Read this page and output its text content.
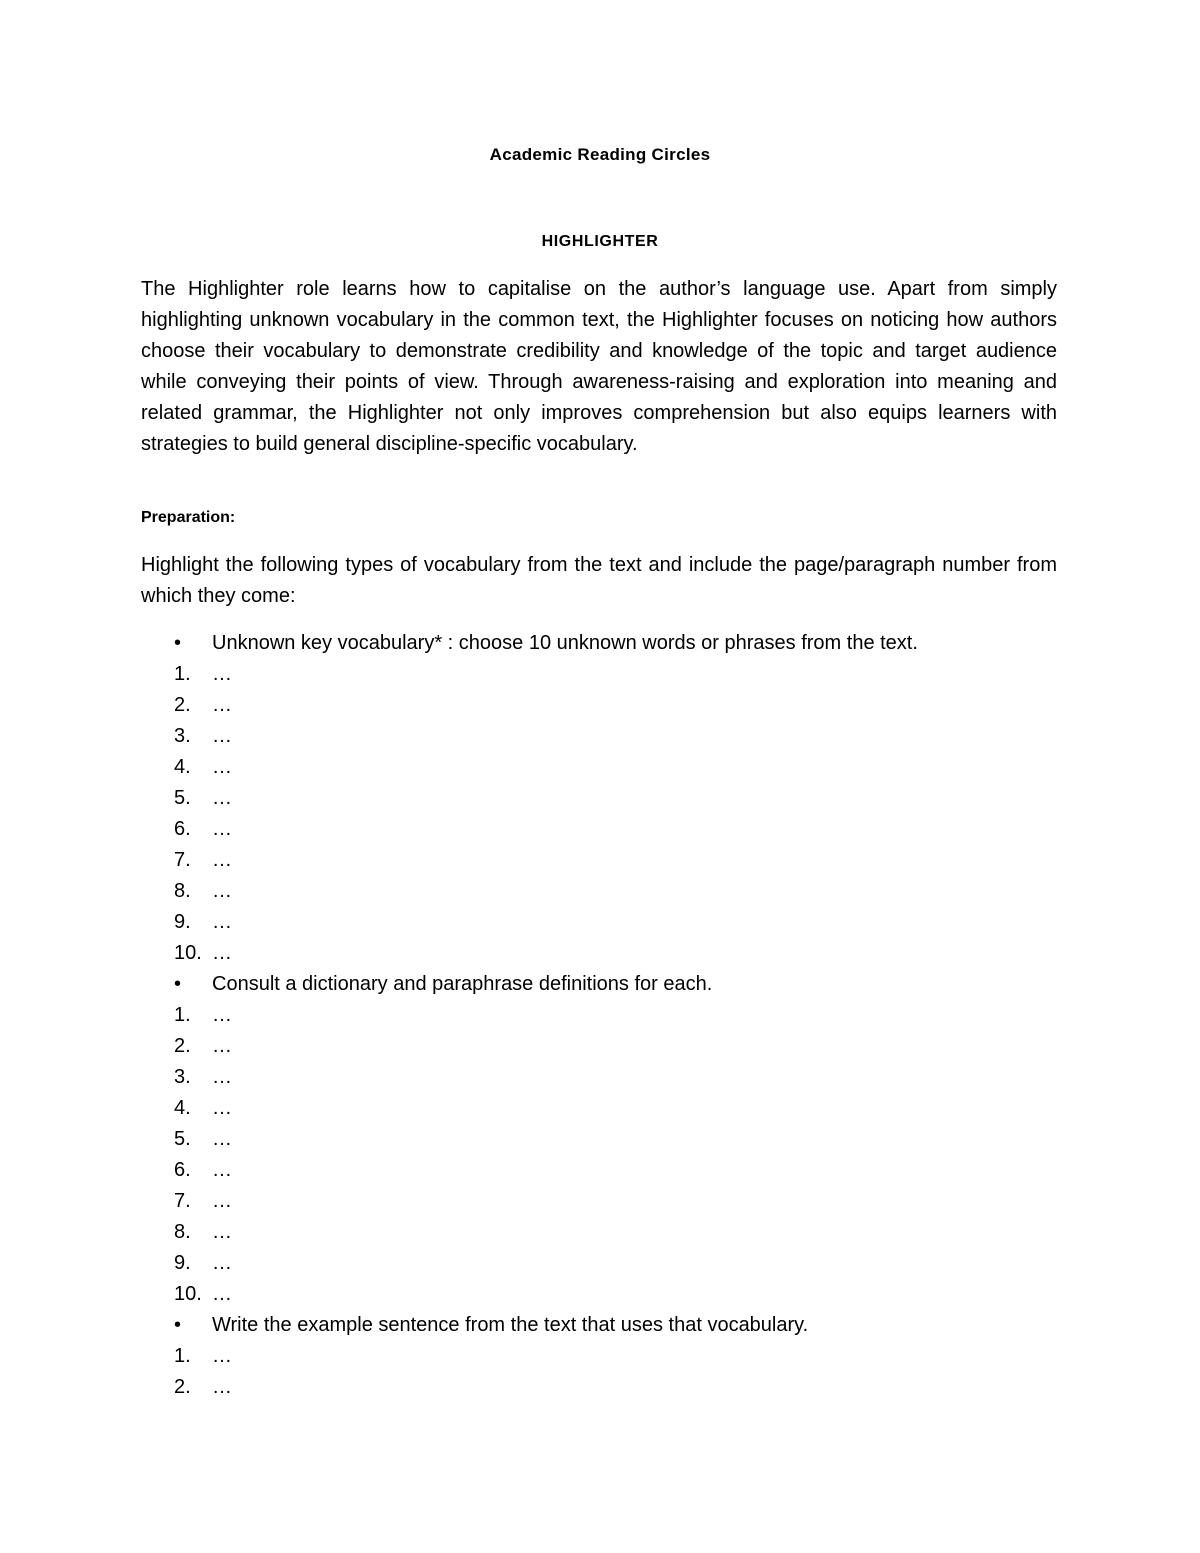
Academic Reading Circles
HIGHLIGHTER

The Highlighter role learns how to capitalise on the author’s language use. Apart from simply highlighting unknown vocabulary in the common text, the Highlighter focuses on noticing how authors choose their vocabulary to demonstrate credibility and knowledge of the topic and target audience while conveying their points of view. Through awareness-raising and exploration into meaning and related grammar, the Highlighter not only improves comprehension but also equips learners with strategies to build general discipline-specific vocabulary.

Preparation:

Highlight the following types of vocabulary from the text and include the page/paragraph number from which they come:

• Unknown key vocabulary* : choose 10 unknown words or phrases from the text.
1.	…
2.	…
3.	…
4.	…
5.	…
6.	…
7.	…
8.	…
9.	…
10. …
• Consult a dictionary and paraphrase definitions for each.
1.	…
2.	…
3.	…
4.	…
5.	…
6.	…
7.	…
8.	…
9.	…
10. …
• Write the example sentence from the text that uses that vocabulary.
1.	…
2.	…
